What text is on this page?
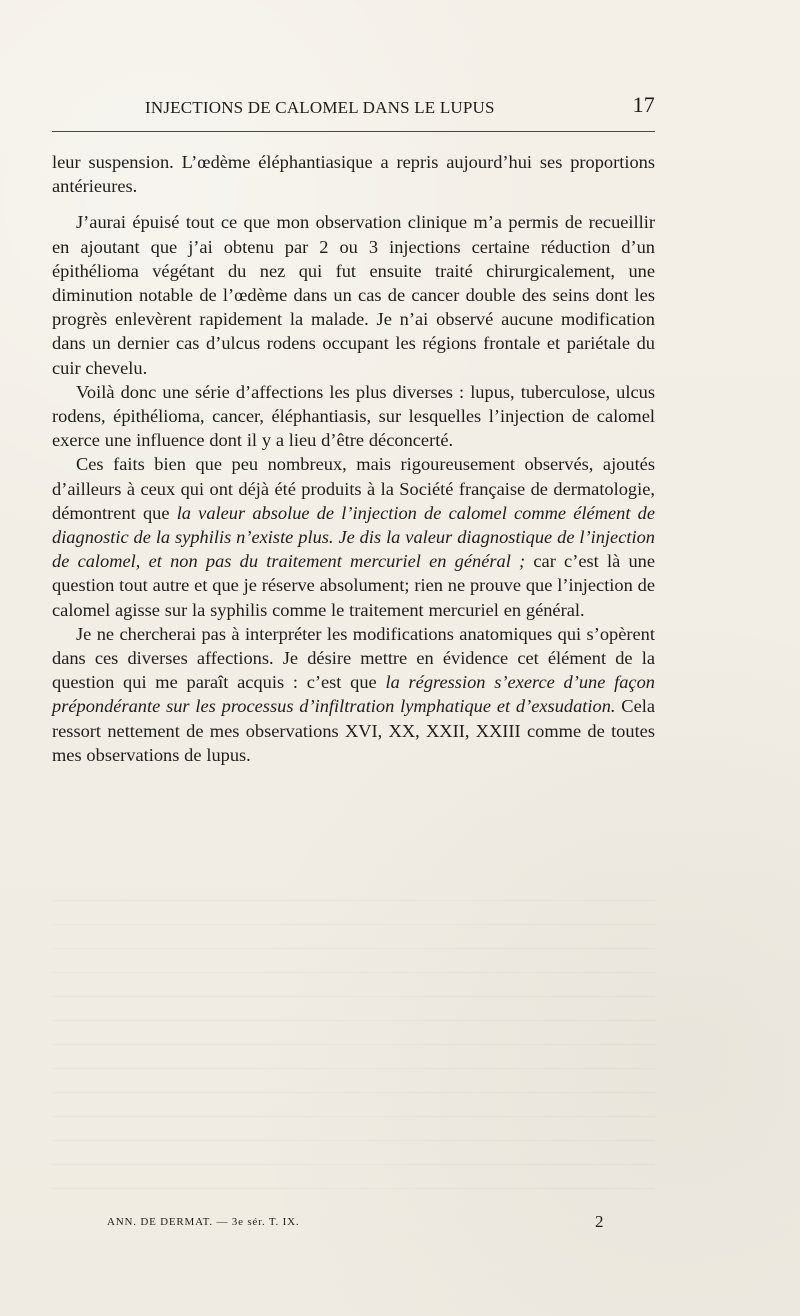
INJECTIONS DE CALOMEL DANS LE LUPUS	17

leur suspension. L’œdème éléphantiasique a repris aujourd’hui ses proportions antérieures.

J’aurai épuisé tout ce que mon observation clinique m’a permis de recueillir en ajoutant que j’ai obtenu par 2 ou 3 injections certaine réduction d’un épithélioma végétant du nez qui fut ensuite traité chirurgicalement, une diminution notable de l’œdème dans un cas de cancer double des seins dont les progrès enlevèrent rapidement la malade. Je n’ai observé aucune modification dans un dernier cas d’ulcus rodens occupant les régions frontale et pariétale du cuir chevelu.

Voilà donc une série d’affections les plus diverses : lupus, tuberculose, ulcus rodens, épithélioma, cancer, éléphantiasis, sur lesquelles l’injection de calomel exerce une influence dont il y a lieu d’être déconcerté.

Ces faits bien que peu nombreux, mais rigoureusement observés, ajoutés d’ailleurs à ceux qui ont déjà été produits à la Société française de dermatologie, démontrent que la valeur absolue de l’injection de calomel comme élément de diagnostic de la syphilis n’existe plus. Je dis la valeur diagnostique de l’injection de calomel, et non pas du traitement mercuriel en général ; car c’est là une question tout autre et que je réserve absolument; rien ne prouve que l’injection de calomel agisse sur la syphilis comme le traitement mercuriel en général.

Je ne chercherai pas à interpréter les modifications anatomiques qui s’opèrent dans ces diverses affections. Je désire mettre en évidence cet élément de la question qui me paraît acquis : c’est que la régression s’exerce d’une façon prépondérante sur les processus d’infiltration lymphatique et d’exsudation. Cela ressort nettement de mes observations XVI, XX, XXII, XXIII comme de toutes mes observations de lupus.

ANN. DE DERMAT. — 3e sér. T. IX.	2
